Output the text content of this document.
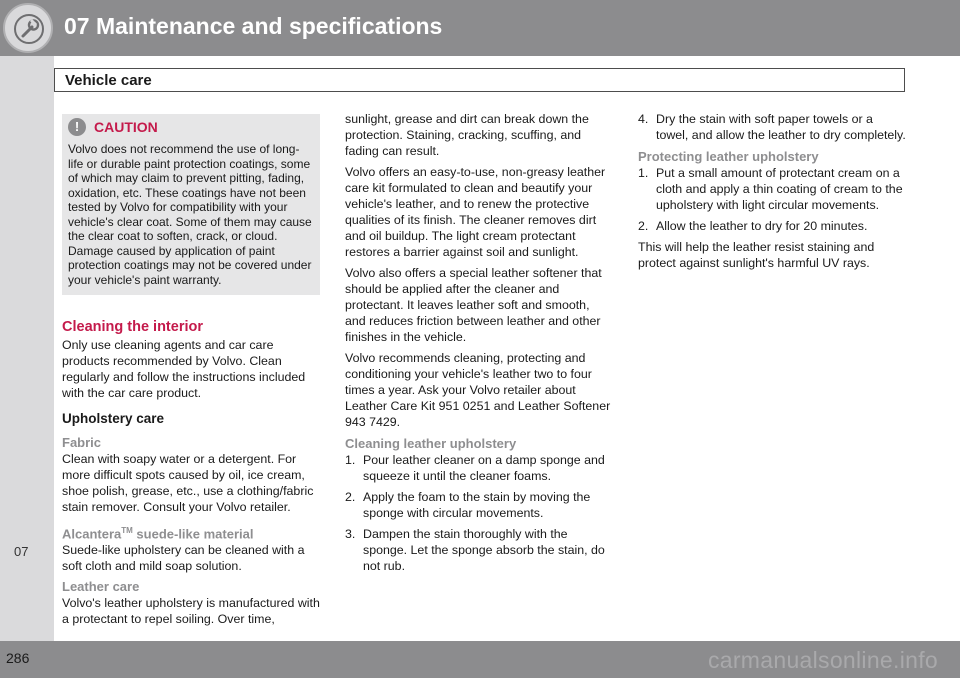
07 Maintenance and specifications
Vehicle care
07
!	CAUTION
Volvo does not recommend the use of long-life or durable paint protection coatings, some of which may claim to prevent pitting, fading, oxidation, etc. These coatings have not been tested by Volvo for compatibility with your vehicle's clear coat. Some of them may cause the clear coat to soften, crack, or cloud. Damage caused by application of paint protection coatings may not be covered under your vehicle's paint warranty.
Cleaning the interior

Only use cleaning agents and car care products recommended by Volvo. Clean regularly and follow the instructions included with the car care product.

Upholstery care
Fabric

Clean with soapy water or a detergent. For more difficult spots caused by oil, ice cream, shoe polish, grease, etc., use a clothing/fabric stain remover. Consult your Volvo retailer.

Alcantera™ suede-like material

Suede-like upholstery can be cleaned with a soft cloth and mild soap solution.

Leather care

Volvo's leather upholstery is manufactured with a protectant to repel soiling. Over time,

sunlight, grease and dirt can break down the protection. Staining, cracking, scuffing, and fading can result.

Volvo offers an easy-to-use, non-greasy leather care kit formulated to clean and beautify your vehicle's leather, and to renew the protective qualities of its finish. The cleaner removes dirt and oil buildup. The light cream protectant restores a barrier against soil and sunlight.

Volvo also offers a special leather softener that should be applied after the cleaner and protectant. It leaves leather soft and smooth, and reduces friction between leather and other finishes in the vehicle.

Volvo recommends cleaning, protecting and conditioning your vehicle's leather two to four times a year. Ask your Volvo retailer about Leather Care Kit 951 0251 and Leather Softener 943 7429.

Cleaning leather upholstery
1. Pour leather cleaner on a damp sponge and squeeze it until the cleaner foams.
2. Apply the foam to the stain by moving the sponge with circular movements.
3. Dampen the stain thoroughly with the sponge. Let the sponge absorb the stain, do not rub.
4. Dry the stain with soft paper towels or a towel, and allow the leather to dry completely.
Protecting leather upholstery
1. Put a small amount of protectant cream on a cloth and apply a thin coating of cream to the upholstery with light circular movements.
2. Allow the leather to dry for 20 minutes.

This will help the leather resist staining and protect against sunlight's harmful UV rays.

286	carmanualsonline.info
